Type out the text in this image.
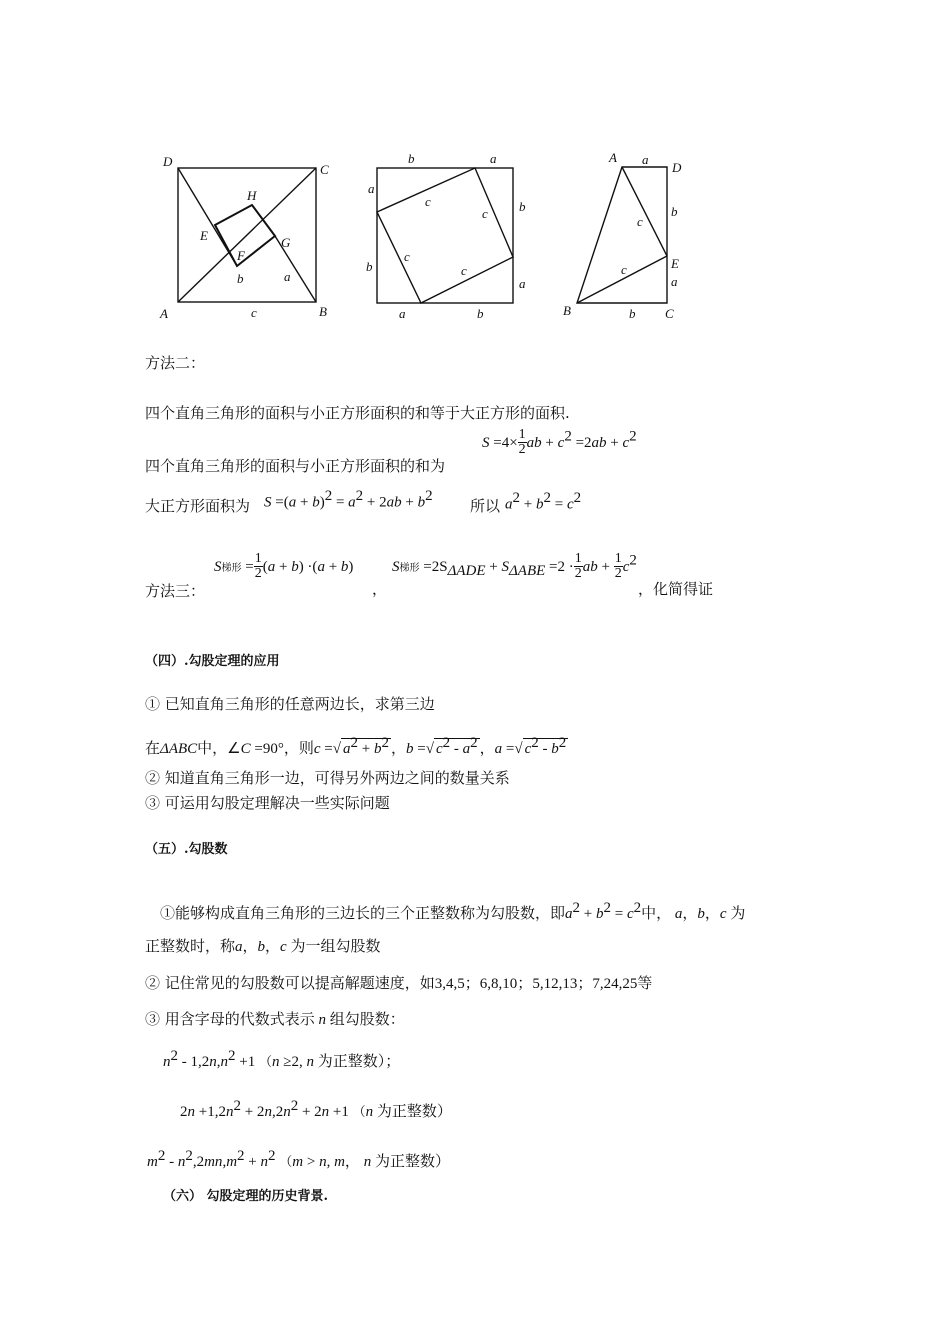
D
C
A	B
H
E
F
G
b	a
c
b	a
a
b
b
a
a	b
c
c
c
c
A a
D
b
c
E
a
c
B	b C
方法二：
四个直角三角形的面积与小正方形面积的和等于大正方形的面积.
四个直角三角形的面积与小正方形面积的和为
$S =4\times \frac{1}{2}$ ab + $c^2 =2ab + c^2$
大正方形面积为 $S =(a + b)^2 = a^2 + 2ab + b^2$
所以 $a^2 + b^2 = c^2$
方法三：
S梯形 = $\frac{1}{2} (a + b) \cdot(a + b)$
，
S梯形 $=2S_{\Delta ADE} + S_{\Delta ABE} =2 \cdot \frac{1}{2}$ ab + $\frac{1}{2} c^2$
，化简得证
（四）.勾股定理的应用
① 已知直角三角形的任意两边长，求第三边
在ΔABC中，∠C =90°，则c =√ $a^2 + b^2$ ，b =√ $c^2 - a^2$ ，a =√ $c^2 - b^2$
② 知道直角三角形一边，可得另外两边之间的数量关系
③ 可运用勾股定理解决一些实际问题
（五）.勾股数
①能够构成直角三角形的三边长的三个正整数称为勾股数，即$a^2 + b^2 = c^2$中， a，b，c 为
正整数时，称a，b，c 为一组勾股数
② 记住常见的勾股数可以提高解题速度，如3,4,5；6,8,10；5,12,13；7,24,25等
③ 用含字母的代数式表示 n 组勾股数：
$n^2 - 1,2n,n^2 +1$ （n ≥2, n 为正整数）；
$2n +1,2n^2 + 2n,2n^2 + 2n +1$ （n 为正整数）
$m^2 - n^2,2mn,m^2 + n^2$ （m > n, m， n 为正整数）
（六） 勾股定理的历史背景.
